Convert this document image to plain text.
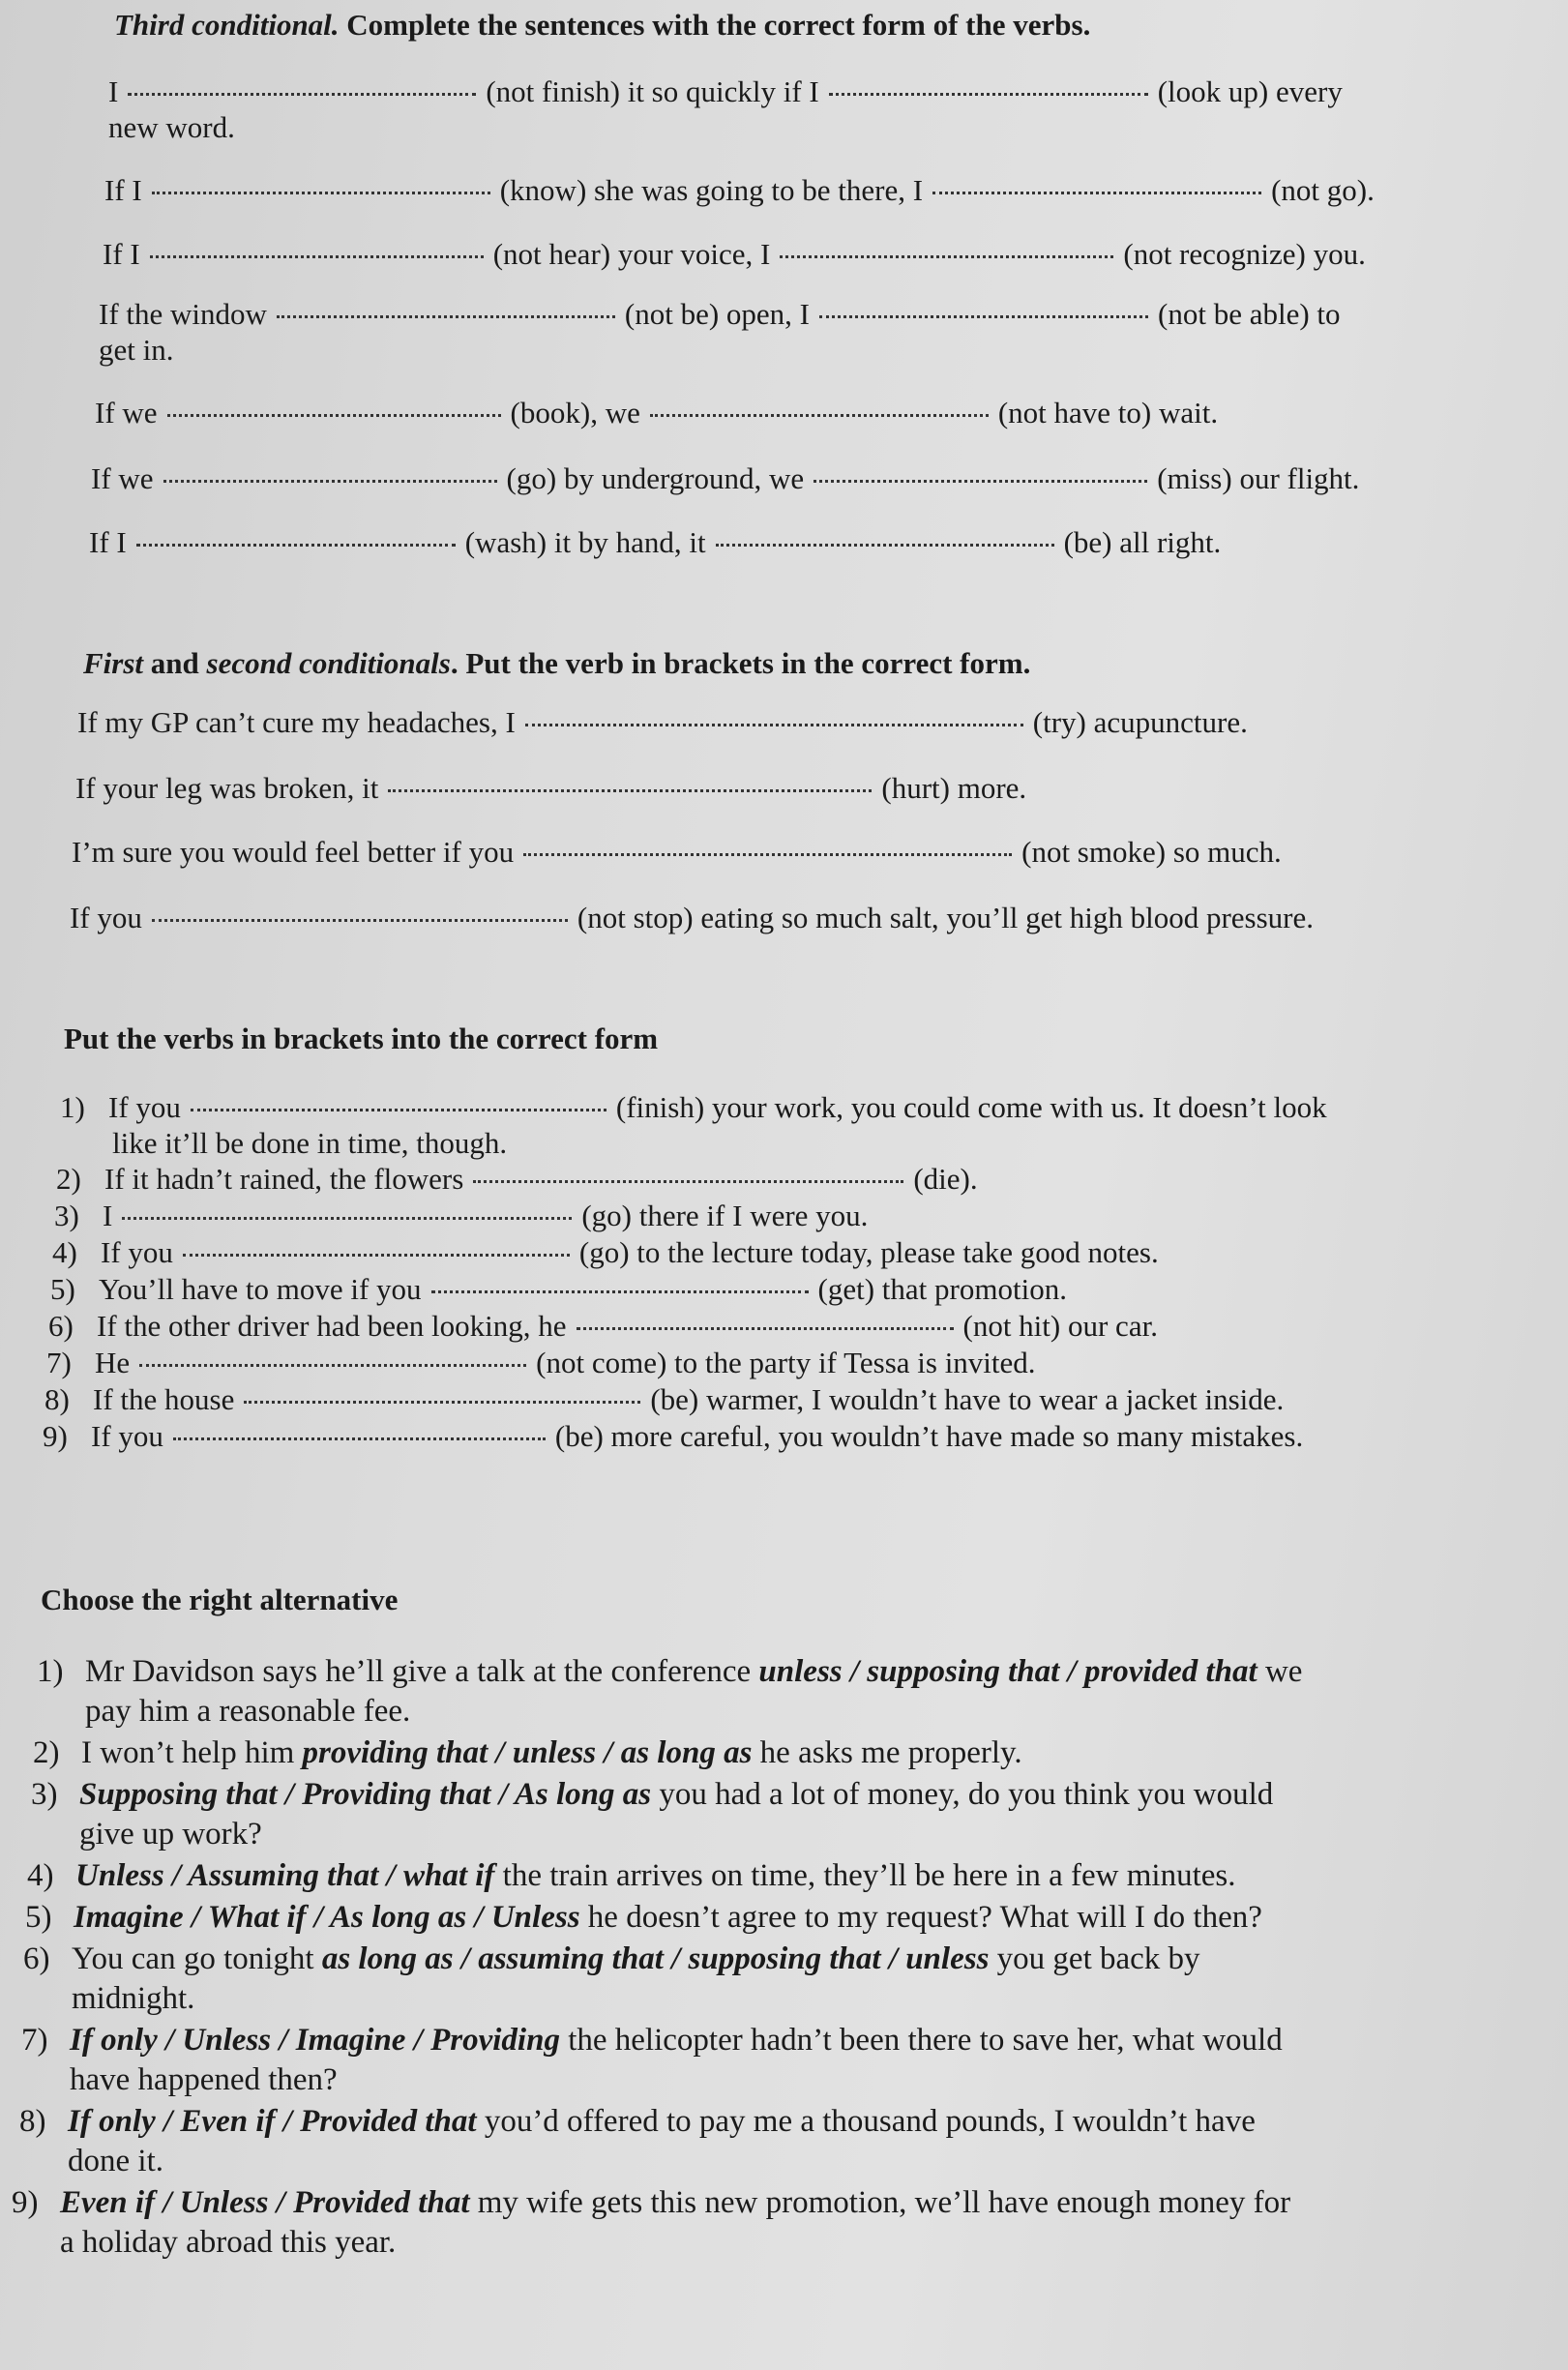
Third conditional. Complete the sentences with the correct form of the verbs.

I	(not finish) it so quickly if I	(look up) every
new word.
If I	(know) she was going to be there, I	(not go).
If I	(not hear) your voice, I	(not recognize) you.
If the window	(not be) open, I	(not be able) to
get in.
If we	(book), we	(not have to) wait.
If we	(go) by underground, we	(miss) our flight.
If I	(wash) it by hand, it	(be) all right.

First and second conditionals. Put the verb in brackets in the correct form.

If my GP can’t cure my headaches, I	(try) acupuncture.
If your leg was broken, it	(hurt) more.
I’m sure you would feel better if you	(not smoke) so much.
If you	(not stop) eating so much salt, you’ll get high blood pressure.

Put the verbs in brackets into the correct form

1) If you	(finish) your work, you could come with us. It doesn’t look
like it’ll be done in time, though.
2) If it hadn’t rained, the flowers	(die).
3) I	(go) there if I were you.
4) If you	(go) to the lecture today, please take good notes.
5) You’ll have to move if you	(get) that promotion.
6) If the other driver had been looking, he	(not hit) our car.
7) He	(not come) to the party if Tessa is invited.
8) If the house	(be) warmer, I wouldn’t have to wear a jacket inside.
9) If you	(be) more careful, you wouldn’t have made so many mistakes.

Choose the right alternative

1) Mr Davidson says he’ll give a talk at the conference unless / supposing that / provided that we
pay him a reasonable fee.
2) I won’t help him providing that / unless / as long as he asks me properly.
3) Supposing that / Providing that / As long as you had a lot of money, do you think you would
give up work?
4) Unless / Assuming that / what if the train arrives on time, they’ll be here in a few minutes.
5) Imagine / What if / As long as / Unless he doesn’t agree to my request? What will I do then?
6) You can go tonight as long as / assuming that / supposing that / unless you get back by
midnight.
7) If only / Unless / Imagine / Providing the helicopter hadn’t been there to save her, what would
have happened then?
8) If only / Even if / Provided that you’d offered to pay me a thousand pounds, I wouldn’t have
done it.
9) Even if / Unless / Provided that my wife gets this new promotion, we’ll have enough money for
a holiday abroad this year.
